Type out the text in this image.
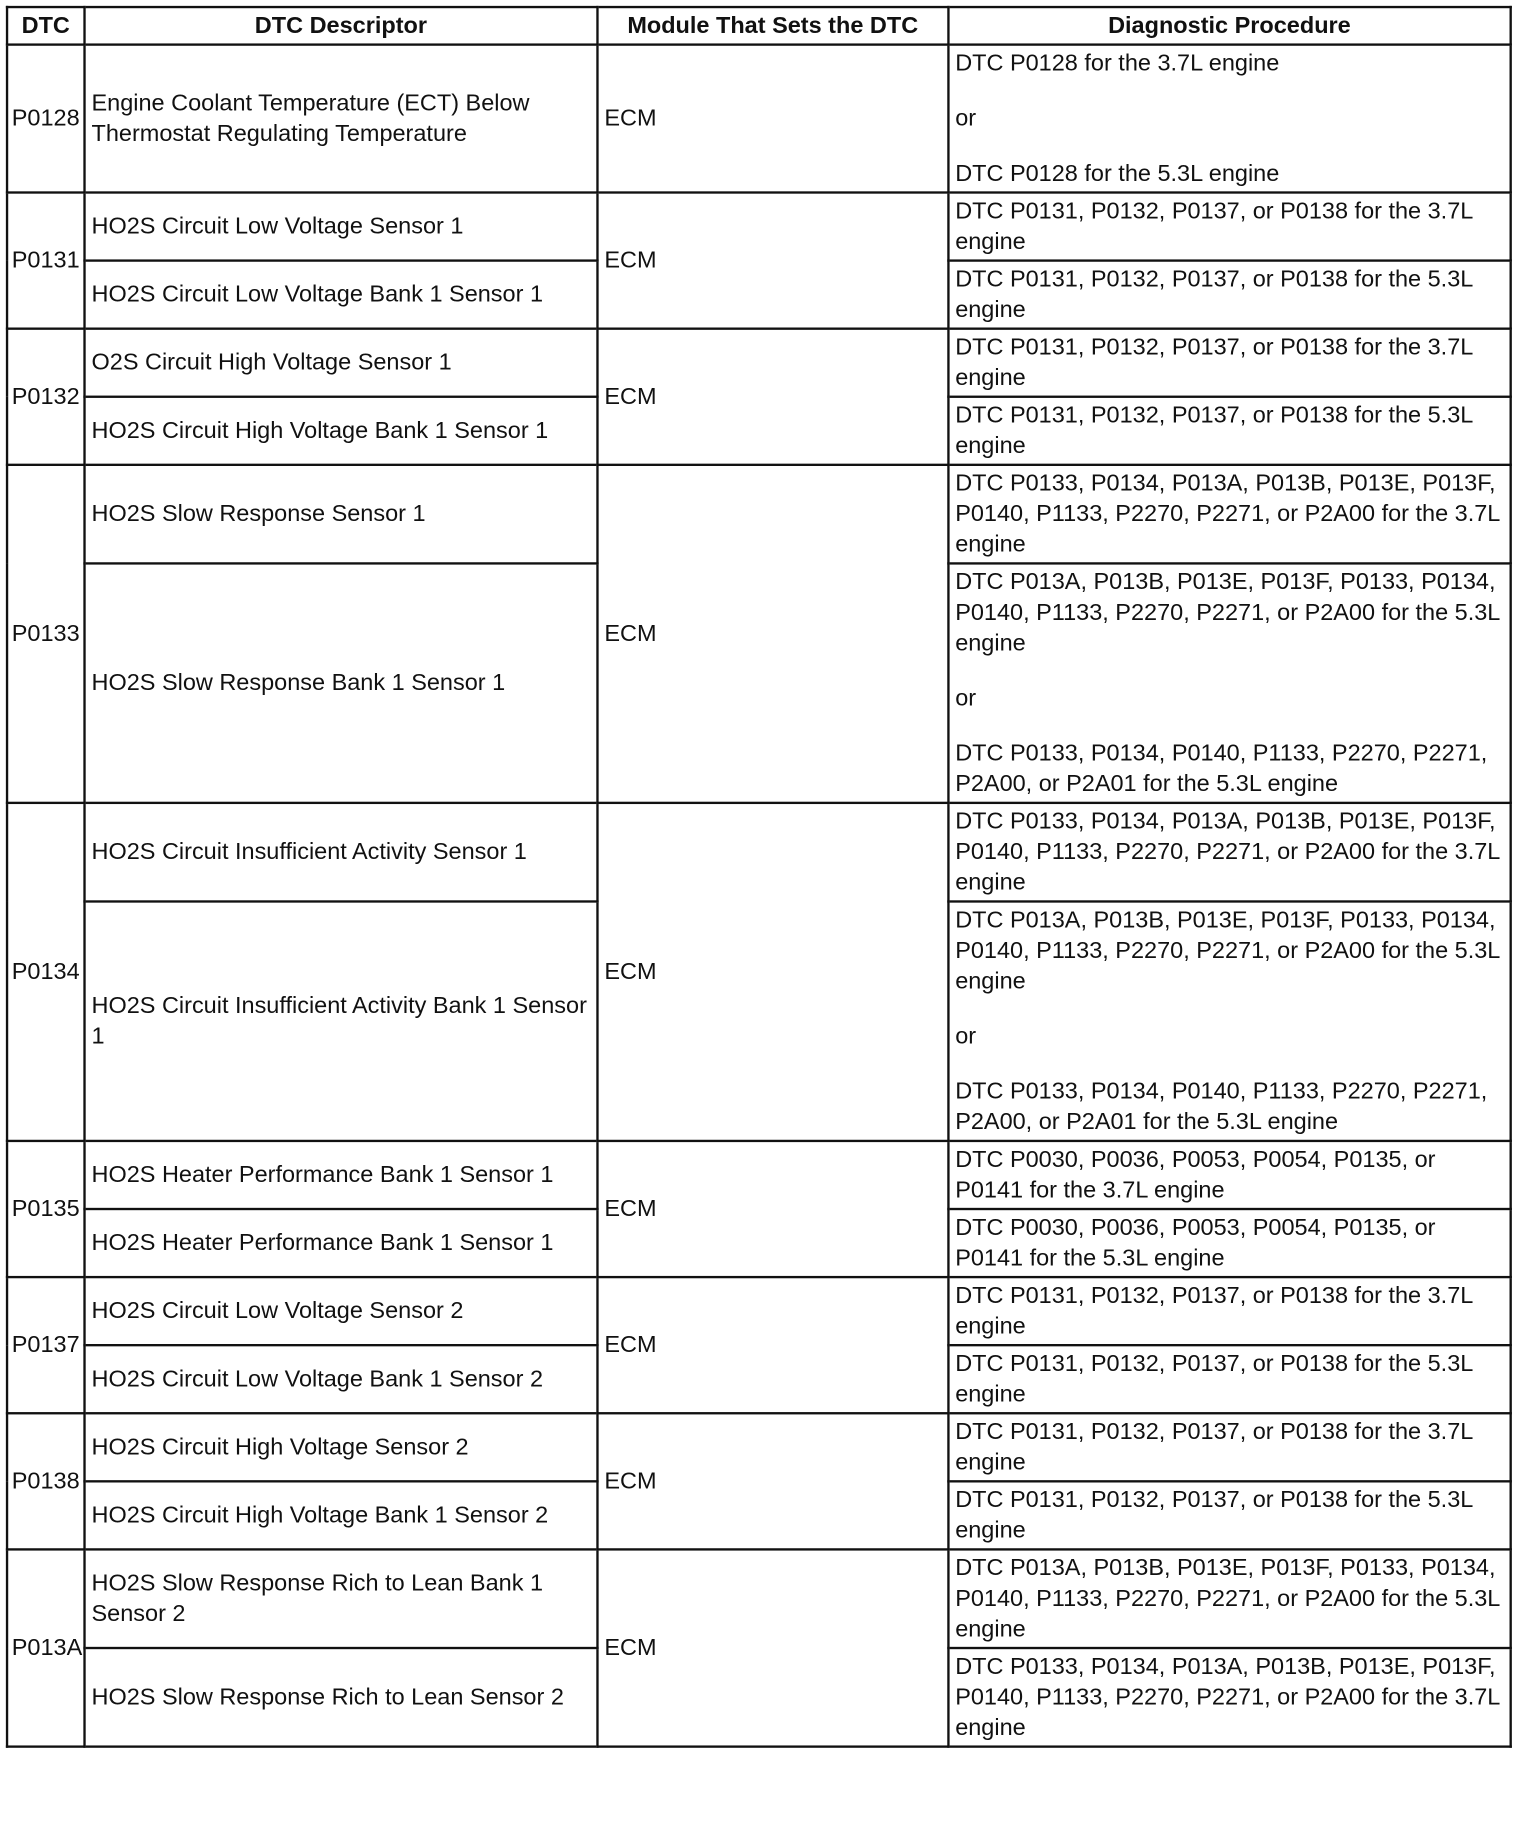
DTC	DTC Descriptor	Module That Sets the DTC	Diagnostic Procedure
P0128	Engine Coolant Temperature (ECT) Below Thermostat Regulating Temperature	ECM	DTC P0128 for the 3.7L engine
or
DTC P0128 for the 5.3L engine

P0131	HO2S Circuit Low Voltage Sensor 1	ECM	DTC P0131, P0132, P0137, or P0138 for the 3.7L engine

	HO2S Circuit Low Voltage Bank 1 Sensor 1		DTC P0131, P0132, P0137, or P0138 for the 5.3L engine

P0132	O2S Circuit High Voltage Sensor 1	ECM	DTC P0131, P0132, P0137, or P0138 for the 3.7L engine

	HO2S Circuit High Voltage Bank 1 Sensor 1		DTC P0131, P0132, P0137, or P0138 for the 5.3L engine

P0133	HO2S Slow Response Sensor 1	ECM	DTC P0133, P0134, P013A, P013B, P013E, P013F, P0140, P1133, P2270, P2271, or P2A00 for the 3.7L engine

	HO2S Slow Response Bank 1 Sensor 1		DTC P013A, P013B, P013E, P013F, P0133, P0134, P0140, P1133, P2270, P2271, or P2A00 for the 5.3L engine
or
DTC P0133, P0134, P0140, P1133, P2270, P2271, P2A00, or P2A01 for the 5.3L engine

P0134	HO2S Circuit Insufficient Activity Sensor 1	ECM	DTC P0133, P0134, P013A, P013B, P013E, P013F, P0140, P1133, P2270, P2271, or P2A00 for the 3.7L engine

	HO2S Circuit Insufficient Activity Bank 1 Sensor 1		DTC P013A, P013B, P013E, P013F, P0133, P0134, P0140, P1133, P2270, P2271, or P2A00 for the 5.3L engine
or
DTC P0133, P0134, P0140, P1133, P2270, P2271, P2A00, or P2A01 for the 5.3L engine

P0135	HO2S Heater Performance Bank 1 Sensor 1	ECM	DTC P0030, P0036, P0053, P0054, P0135, or P0141 for the 3.7L engine

	HO2S Heater Performance Bank 1 Sensor 1		DTC P0030, P0036, P0053, P0054, P0135, or P0141 for the 5.3L engine

P0137	HO2S Circuit Low Voltage Sensor 2	ECM	DTC P0131, P0132, P0137, or P0138 for the 3.7L engine

	HO2S Circuit Low Voltage Bank 1 Sensor 2		DTC P0131, P0132, P0137, or P0138 for the 5.3L engine

P0138	HO2S Circuit High Voltage Sensor 2	ECM	DTC P0131, P0132, P0137, or P0138 for the 3.7L engine

	HO2S Circuit High Voltage Bank 1 Sensor 2		DTC P0131, P0132, P0137, or P0138 for the 5.3L engine

P013A	HO2S Slow Response Rich to Lean Bank 1 Sensor 2	ECM	DTC P013A, P013B, P013E, P013F, P0133, P0134, P0140, P1133, P2270, P2271, or P2A00 for the 5.3L engine

	HO2S Slow Response Rich to Lean Sensor 2		DTC P0133, P0134, P013A, P013B, P013E, P013F, P0140, P1133, P2270, P2271, or P2A00 for the 3.7L engine
